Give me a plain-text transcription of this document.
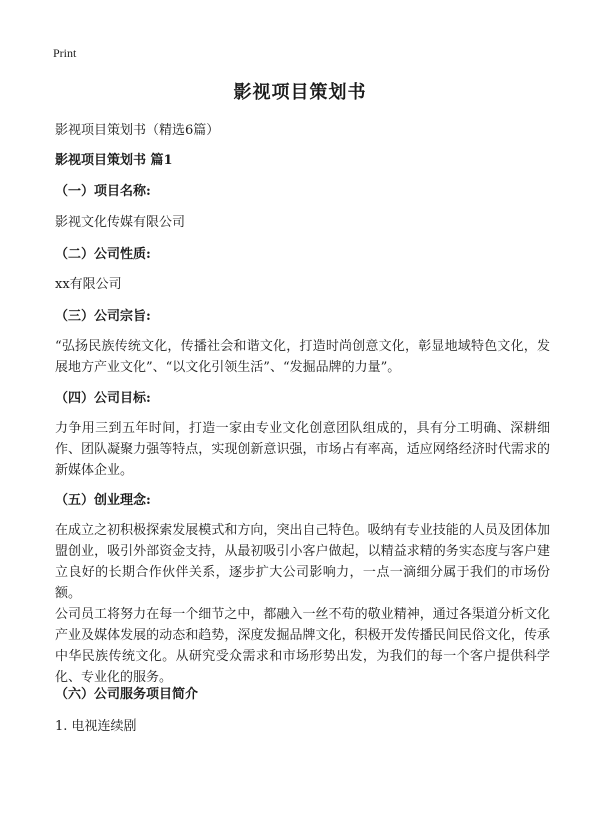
Print
影视项目策划书
影视项目策划书（精选6篇）
影视项目策划书 篇1
（一）项目名称:
影视文化传媒有限公司
（二）公司性质:
xx有限公司
（三）公司宗旨:
“弘扬民族传统文化，传播社会和谐文化，打造时尚创意文化，彰显地域特色文化，发展地方产业文化”、“以文化引领生活”、“发掘品牌的力量”。
（四）公司目标:
力争用三到五年时间，打造一家由专业文化创意团队组成的，具有分工明确、深耕细作、团队凝聚力强等特点，实现创新意识强，市场占有率高，适应网络经济时代需求的新媒体企业。
（五）创业理念:
在成立之初积极探索发展模式和方向，突出自己特色。吸纳有专业技能的人员及团体加盟创业，吸引外部资金支持，从最初吸引小客户做起，以精益求精的务实态度与客户建立良好的长期合作伙伴关系，逐步扩大公司影响力，一点一滴细分属于我们的市场份额。
公司员工将努力在每一个细节之中，都融入一丝不苟的敬业精神，通过各渠道分析文化产业及媒体发展的动态和趋势，深度发掘品牌文化，积极开发传播民间民俗文化，传承中华民族传统文化。从研究受众需求和市场形势出发，为我们的每一个客户提供科学化、专业化的服务。
（六）公司服务项目简介
1. 电视连续剧
